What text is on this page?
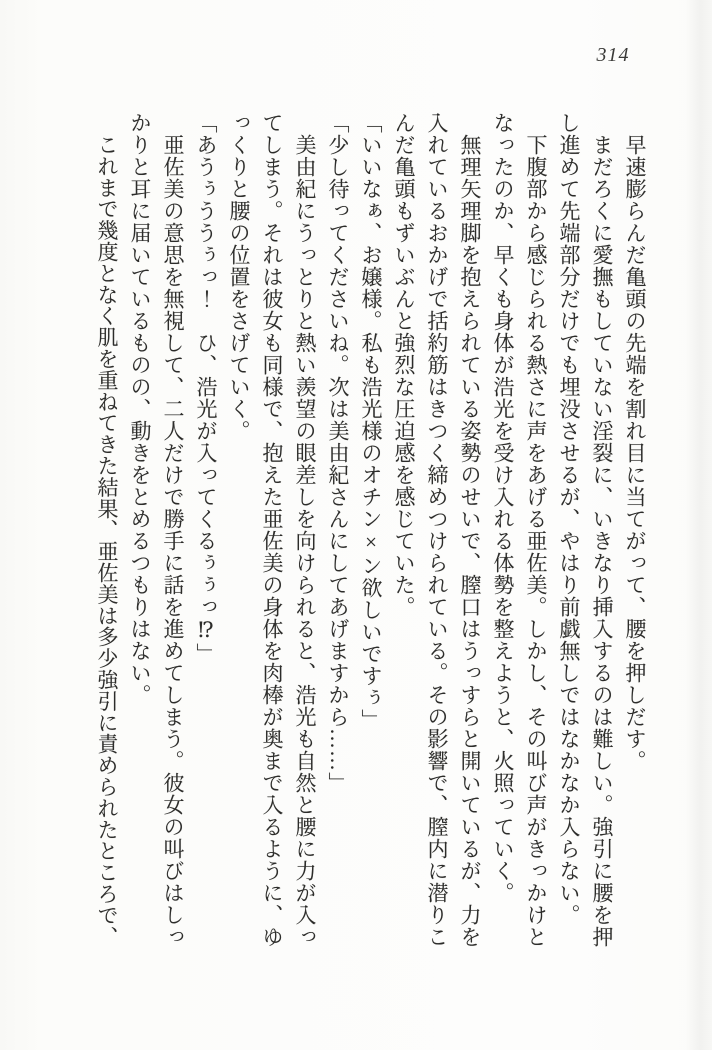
314

早速膨らんだ亀頭の先端を割れ目に当てがって、腰を押しだす。

まだろくに愛撫もしていない淫裂に、いきなり挿入するのは難しい。強引に腰を押し進めて先端部分だけでも埋没させるが、やはり前戯無しではなかなか入らない。

下腹部から感じられる熱さに声をあげる亜佐美。しかし、その叫び声がきっかけとなったのか、早くも身体が浩光を受け入れる体勢を整えようと、火照っていく。

無理矢理脚を抱えられている姿勢のせいで、膣口はうっすらと開いているが、力を入れているおかげで括約筋はきつく締めつけられている。その影響で、膣内に潜りこんだ亀頭もずいぶんと強烈な圧迫感を感じていた。

「いいなぁ、お嬢様。私も浩光様のオチン×ン欲しいですぅ」

「少し待ってくださいね。次は美由紀さんにしてあげますから……」

美由紀にうっとりと熱い羨望の眼差しを向けられると、浩光も自然と腰に力が入ってしまう。それは彼女も同様で、抱えた亜佐美の身体を肉棒が奥まで入るように、ゆっくりと腰の位置をさげていく。

「あうぅううぅっ！　ひ、浩光が入ってくるぅぅっ⁉」

亜佐美の意思を無視して、二人だけで勝手に話を進めてしまう。彼女の叫びはしっかりと耳に届いているものの、動きをとめるつもりはない。

これまで幾度となく肌を重ねてきた結果、亜佐美は多少強引に責められたところで、
